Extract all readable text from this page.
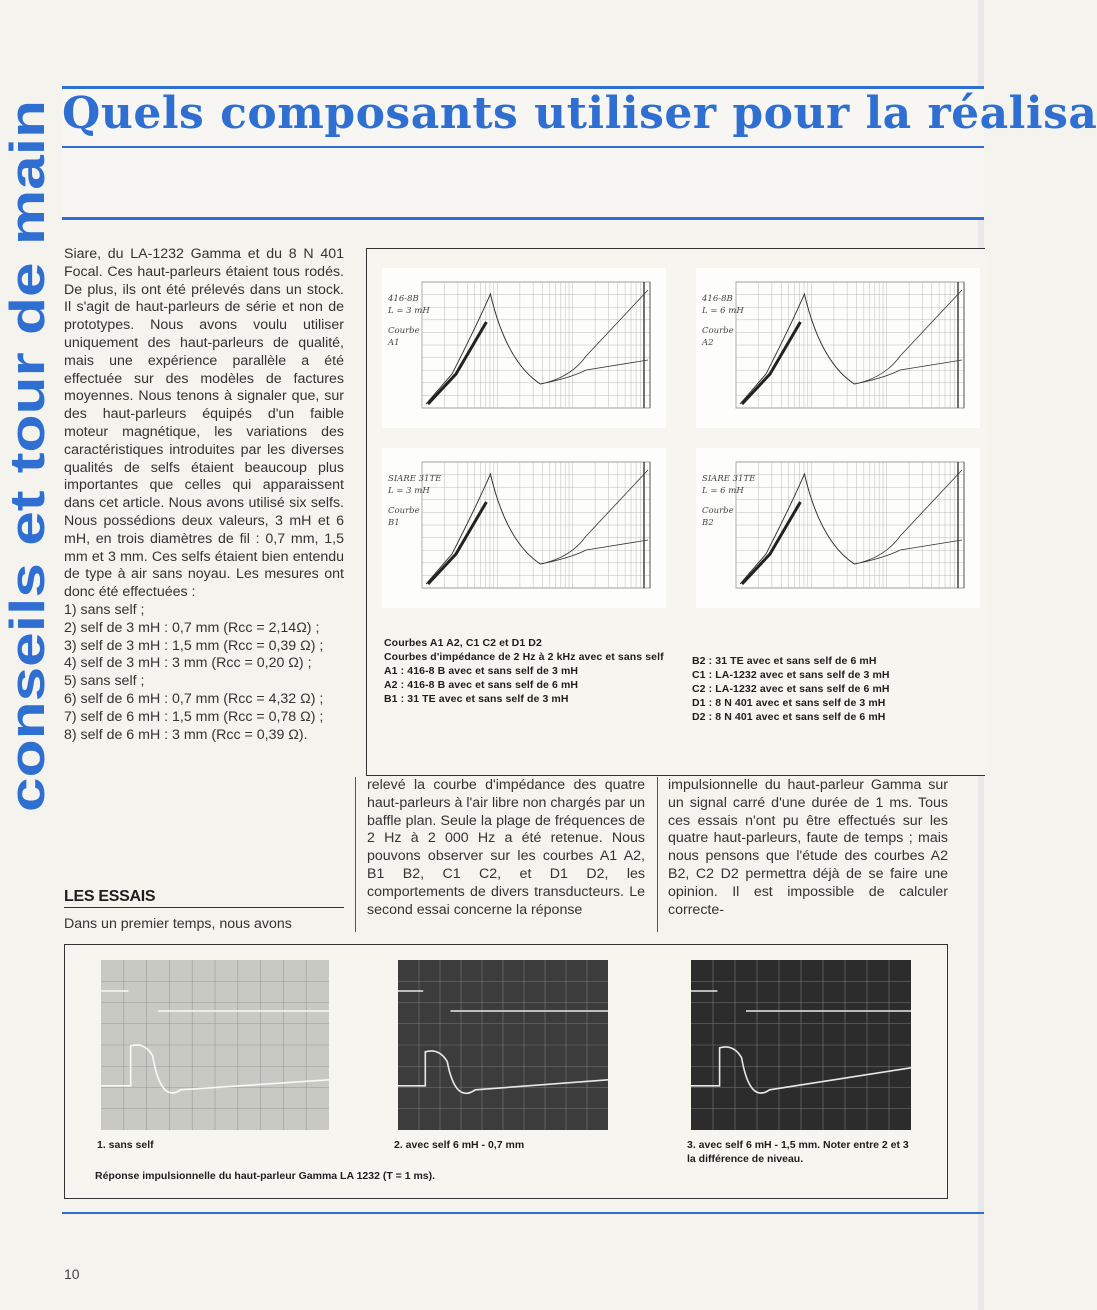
conseils et tour de main
Quels composants utiliser pour la réalisa

Siare, du LA-1232 Gamma et du 8 N 401 Focal. Ces haut-parleurs étaient tous rodés. De plus, ils ont été prélevés dans un stock. Il s'agit de haut-parleurs de série et non de prototypes. Nous avons voulu utiliser uniquement des haut-parleurs de qualité, mais une expérience parallèle a été effectuée sur des modèles de factures moyennes. Nous tenons à signaler que, sur des haut-parleurs équipés d'un faible moteur magnétique, les variations des caractéristiques introduites par les diverses qualités de selfs étaient beaucoup plus importantes que celles qui apparaissent dans cet article. Nous avons utilisé six selfs. Nous possédions deux valeurs, 3 mH et 6 mH, en trois diamètres de fil : 0,7 mm, 1,5 mm et 3 mm. Ces selfs étaient bien entendu de type à air sans noyau. Les mesures ont donc été effectuées :

1) sans self ;

2) self de 3 mH : 0,7 mm (Rcc = 2,14Ω) ;

3) self de 3 mH : 1,5 mm (Rcc = 0,39 Ω) ;

4) self de 3 mH : 3 mm (Rcc = 0,20 Ω) ;

5) sans self ;

6) self de 6 mH : 0,7 mm (Rcc = 4,32 Ω) ;

7) self de 6 mH : 1,5 mm (Rcc = 0,78 Ω) ;

8) self de 6 mH : 3 mm (Rcc = 0,39 Ω).

LES ESSAIS

Dans un premier temps, nous avons

416-8B
L = 3 mH
Courbe
A1
416-8B
L = 6 mH
Courbe
A2
SIARE 31TE
L = 3 mH
Courbe
B1
SIARE 31TE
L = 6 mH
Courbe
B2

Courbes A1 A2, C1 C2 et D1 D2

Courbes d'impédance de 2 Hz à 2 kHz avec et sans self

A1 : 416-8 B avec et sans self de 3 mH

A2 : 416-8 B avec et sans self de 6 mH

B1 : 31 TE avec et sans self de 3 mH

B2 : 31 TE avec et sans self de 6 mH

C1 : LA-1232 avec et sans self de 3 mH

C2 : LA-1232 avec et sans self de 6 mH

D1 : 8 N 401 avec et sans self de 3 mH

D2 : 8 N 401 avec et sans self de 6 mH

relevé la courbe d'impédance des quatre haut-parleurs à l'air libre non chargés par un baffle plan. Seule la plage de fréquences de 2 Hz à 2 000 Hz a été retenue. Nous pouvons observer sur les courbes A1 A2, B1 B2, C1 C2, et D1 D2, les comportements de divers transducteurs. Le second essai concerne la réponse

impulsionnelle du haut-parleur Gamma sur un signal carré d'une durée de 1 ms. Tous ces essais n'ont pu être effectués sur les quatre haut-parleurs, faute de temps ; mais nous pensons que l'étude des courbes A2 B2, C2 D2 permettra déjà de se faire une opinion. Il est impossible de calculer correcte-

1. sans self	2. avec self 6 mH - 0,7 mm	3. avec self 6 mH - 1,5 mm. Noter entre 2 et 3 la différence de niveau.
Réponse impulsionnelle du haut-parleur Gamma LA 1232 (T = 1 ms).
10
